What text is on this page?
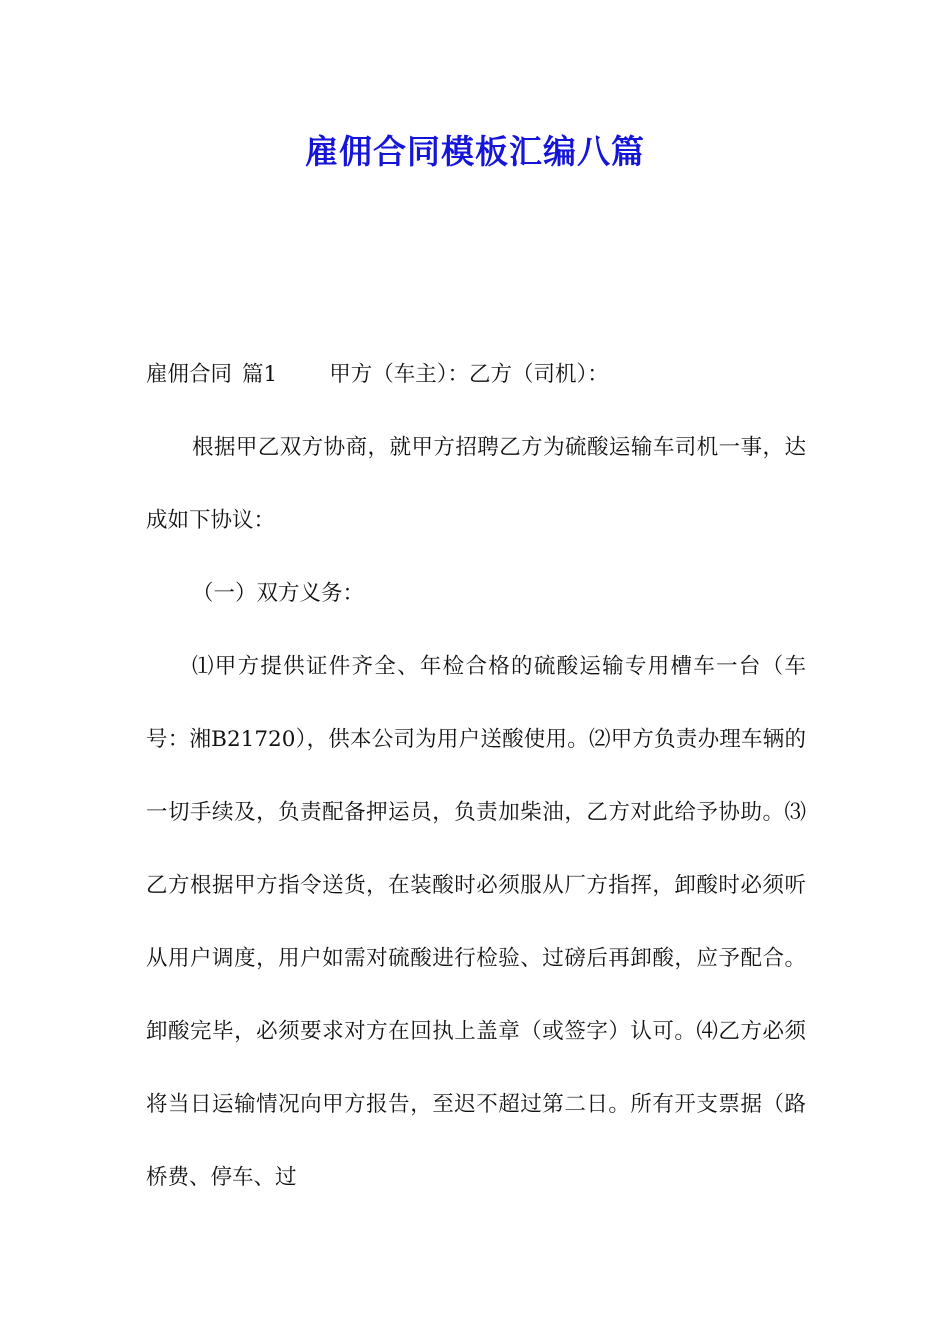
雇佣合同模板汇编八篇

雇佣合同 篇1 甲方（车主）：乙方（司机）：

根据甲乙双方协商，就甲方招聘乙方为硫酸运输车司机一事，达成如下协议：

（一）双方义务：

⑴甲方提供证件齐全、年检合格的硫酸运输专用槽车一台（车号：湘B21720），供本公司为用户送酸使用。⑵甲方负责办理车辆的一切手续及，负责配备押运员，负责加柴油，乙方对此给予协助。⑶乙方根据甲方指令送货，在装酸时必须服从厂方指挥，卸酸时必须听从用户调度，用户如需对硫酸进行检验、过磅后再卸酸，应予配合。卸酸完毕，必须要求对方在回执上盖章（或签字）认可。⑷乙方必须将当日运输情况向甲方报告，至迟不超过第二日。所有开支票据（路桥费、停车、过
